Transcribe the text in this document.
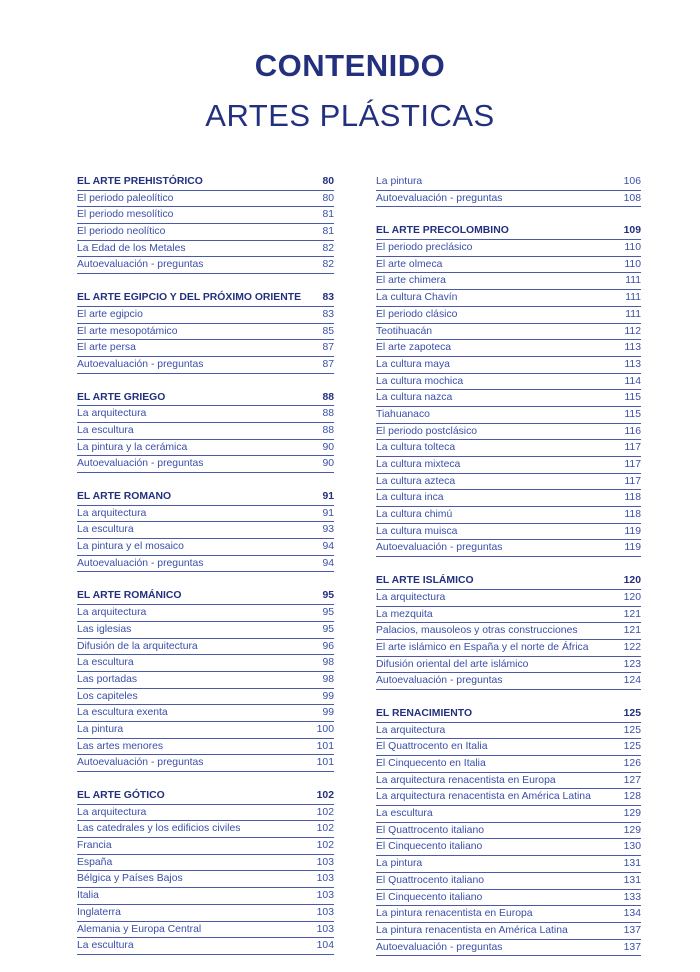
CONTENIDO
ARTES PLÁSTICAS
EL ARTE PREHISTÓRICO	80
El periodo paleolítico	80
El periodo mesolítico	81
El periodo neolítico	81
La Edad de los Metales	82
Autoevaluación - preguntas	82
EL ARTE EGIPCIO Y DEL PRÓXIMO ORIENTE 83
El arte egipcio	83
El arte mesopotámico	85
El arte persa	87
Autoevaluación - preguntas	87
EL ARTE GRIEGO	88
La arquitectura	88
La escultura	88
La pintura y la cerámica	90
Autoevaluación - preguntas	90
EL ARTE ROMANO	91
La arquitectura	91
La escultura	93
La pintura y el mosaico	94
Autoevaluación - preguntas	94
EL ARTE ROMÁNICO	95
La arquitectura	95
Las iglesias	95
Difusión de la arquitectura	96
La escultura	98
Las portadas	98
Los capiteles	99
La escultura exenta	99
La pintura	100
Las artes menores	101
Autoevaluación - preguntas	101
EL ARTE GÓTICO	102
La arquitectura	102
Las catedrales y los edificios civiles	102
Francia	102
España	103
Bélgica y Países Bajos	103
Italia	103
Inglaterra	103
Alemania y Europa Central	103
La escultura	104
La pintura	106
Autoevaluación - preguntas	108
EL ARTE PRECOLOMBINO	109
El periodo preclásico	110
El arte olmeca	110
El arte chimera	111
La cultura Chavín	111
El periodo clásico	111
Teotihuacán	112
El arte zapoteca	113
La cultura maya	113
La cultura mochica	114
La cultura nazca	115
Tiahuanaco	115
El periodo postclásico	116
La cultura tolteca	117
La cultura mixteca	117
La cultura azteca	117
La cultura inca	118
La cultura chimú	118
La cultura muisca	119
Autoevaluación - preguntas	119
EL ARTE ISLÁMICO	120
La arquitectura	120
La mezquita	121
Palacios, mausoleos y otras construcciones	121
El arte islámico en España y el norte de África	122
Difusión oriental del arte islámico	123
Autoevaluación - preguntas	124
EL RENACIMIENTO	125
La arquitectura	125
El Quattrocento en Italia	125
El Cinquecento en Italia	126
La arquitectura renacentista en Europa	127
La arquitectura renacentista en América Latina	128
La escultura	129
El Quattrocento italiano	129
El Cinquecento italiano	130
La pintura	131
El Quattrocento italiano	131
El Cinquecento italiano	133
La pintura renacentista en Europa	134
La pintura renacentista en América Latina	137
Autoevaluación - preguntas	137
